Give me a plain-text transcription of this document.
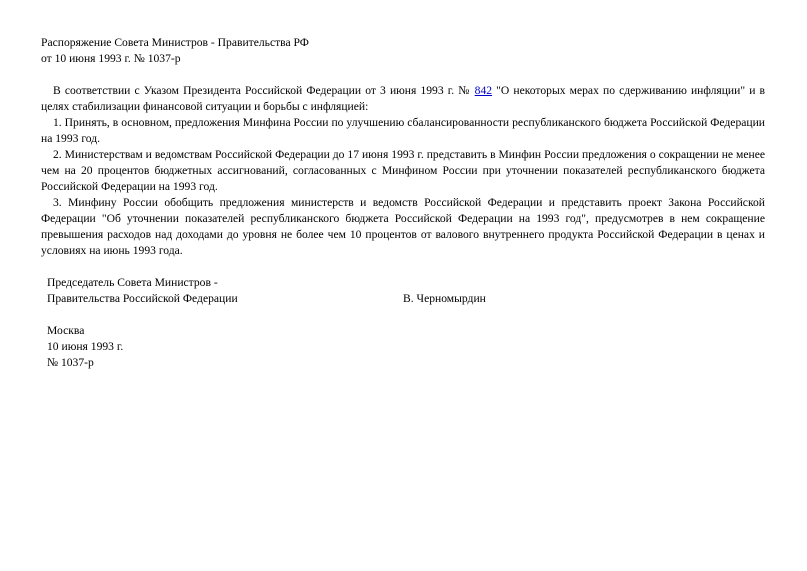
Распоряжение Совета Министров - Правительства РФ

от 10 июня 1993 г. № 1037-р

В соответствии с Указом Президента Российской Федерации от 3 июня 1993 г. № 842 "О некоторых мерах по сдерживанию инфляции" и в целях стабилизации финансовой ситуации и борьбы с инфляцией:

1. Принять, в основном, предложения Минфина России по улучшению сбалансированности республиканского бюджета Российской Федерации на 1993 год.

2. Министерствам и ведомствам Российской Федерации до 17 июня 1993 г. представить в Минфин России предложения о сокращении не менее чем на 20 процентов бюджетных ассигнований, согласованных с Минфином России при уточнении показателей республиканского бюджета Российской Федерации на 1993 год.

3. Минфину России обобщить предложения министерств и ведомств Российской Федерации и представить проект Закона Российской Федерации "Об уточнении показателей республиканского бюджета Российской Федерации на 1993 год", предусмотрев в нем сокращение превышения расходов над доходами до уровня не более чем 10 процентов от валового внутреннего продукта Российской Федерации в ценах и условиях на июнь 1993 года.

Председатель Совета Министров -

Правительства Российской Федерации	В. Черномырдин

Москва

10 июня 1993 г.

№ 1037-р
